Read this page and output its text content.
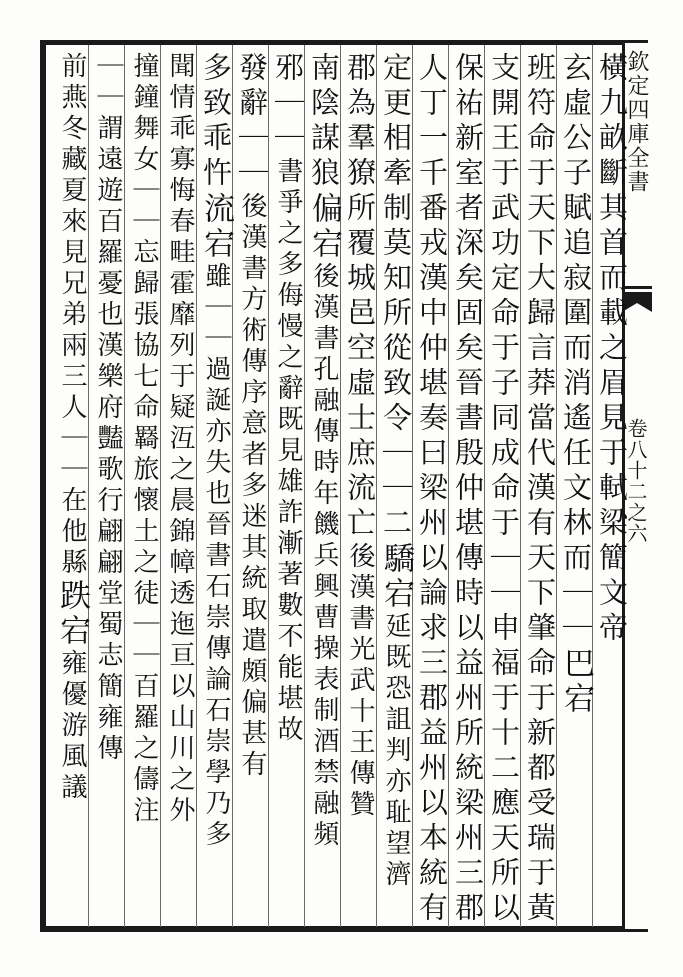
欽定四庫全書
卷八十二之六
橫九畝斷其首而載之眉見于軾梁簡文帝
玄虛公子賦追寂圍而消遙任文林而｜｜巴宕
班符命于天下大歸言莽當代漢有天下肇命于新都受瑞于黃
支開王于武功定命于子同成命于｜｜申福于十二應天所以
保祐新室者深矣固矣晉書殷仲堪傳時以益州所統梁州三郡
人丁一千番戎漢中仲堪奏曰梁州以論求三郡益州以本統有
定更相牽制莫知所從致令｜｜二驕宕延既恐詛判亦耻望濟
郡為羣獠所覆城邑空虛士庶流亡後漢書光武十王傳贊
南陰謀狼偏宕後漢書孔融傳時年饑兵興曹操表制酒禁融頻
邪｜｜書爭之多侮慢之辭既見雄詐漸著數不能堪故
發辭｜｜後漢書方術傳序意者多迷其統取遣頗偏甚有
多致乖忤流宕雖｜｜過誕亦失也晉書石崇傳論石崇學乃多
聞情乖寡悔春畦霍靡列于疑沍之晨錦幛透迤亘以山川之外
撞鐘舞女｜｜忘歸張協七命羇旅懷土之徒｜｜百羅之儔注
｜｜謂遠遊百羅憂也漢樂府豔歌行翩翩堂蜀志簡雍傳
前燕冬藏夏來見兄弟兩三人｜｜在他縣跌宕雍優游風議
